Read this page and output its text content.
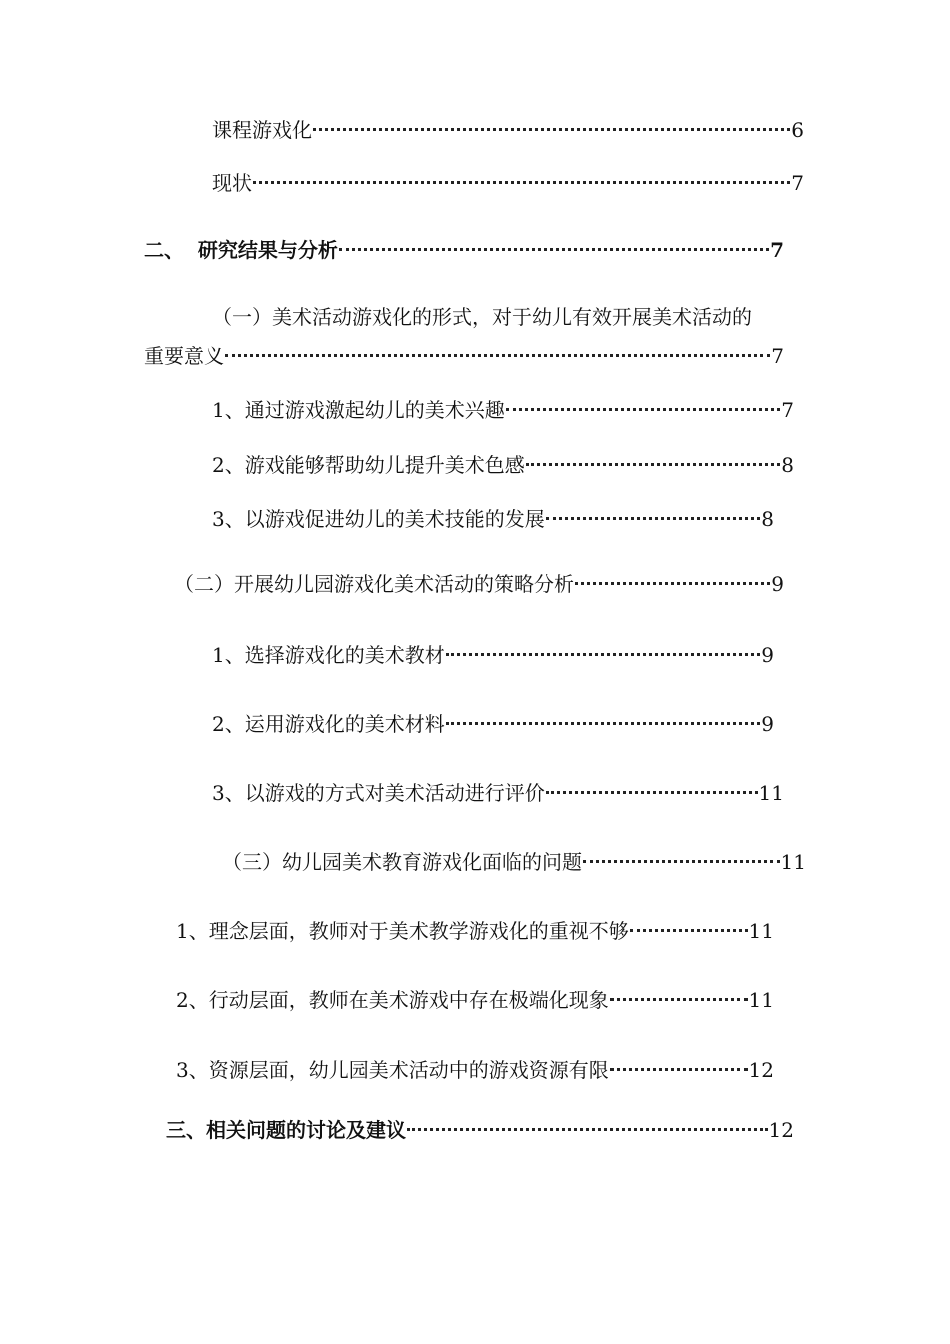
课程游戏化	6
现状	7
二、  研究结果与分析	7
（一）美术活动游戏化的形式，对于幼儿有效开展美术活动的
重要意义	7
1、通过游戏激起幼儿的美术兴趣	7
2、游戏能够帮助幼儿提升美术色感	8
3、以游戏促进幼儿的美术技能的发展	8
（二）开展幼儿园游戏化美术活动的策略分析	9
1、选择游戏化的美术教材	9
2、运用游戏化的美术材料	9
3、以游戏的方式对美术活动进行评价	11
（三）幼儿园美术教育游戏化面临的问题	11
1、理念层面，教师对于美术教学游戏化的重视不够	11
2、行动层面，教师在美术游戏中存在极端化现象	11
3、资源层面，幼儿园美术活动中的游戏资源有限	12
三、相关问题的讨论及建议	12
